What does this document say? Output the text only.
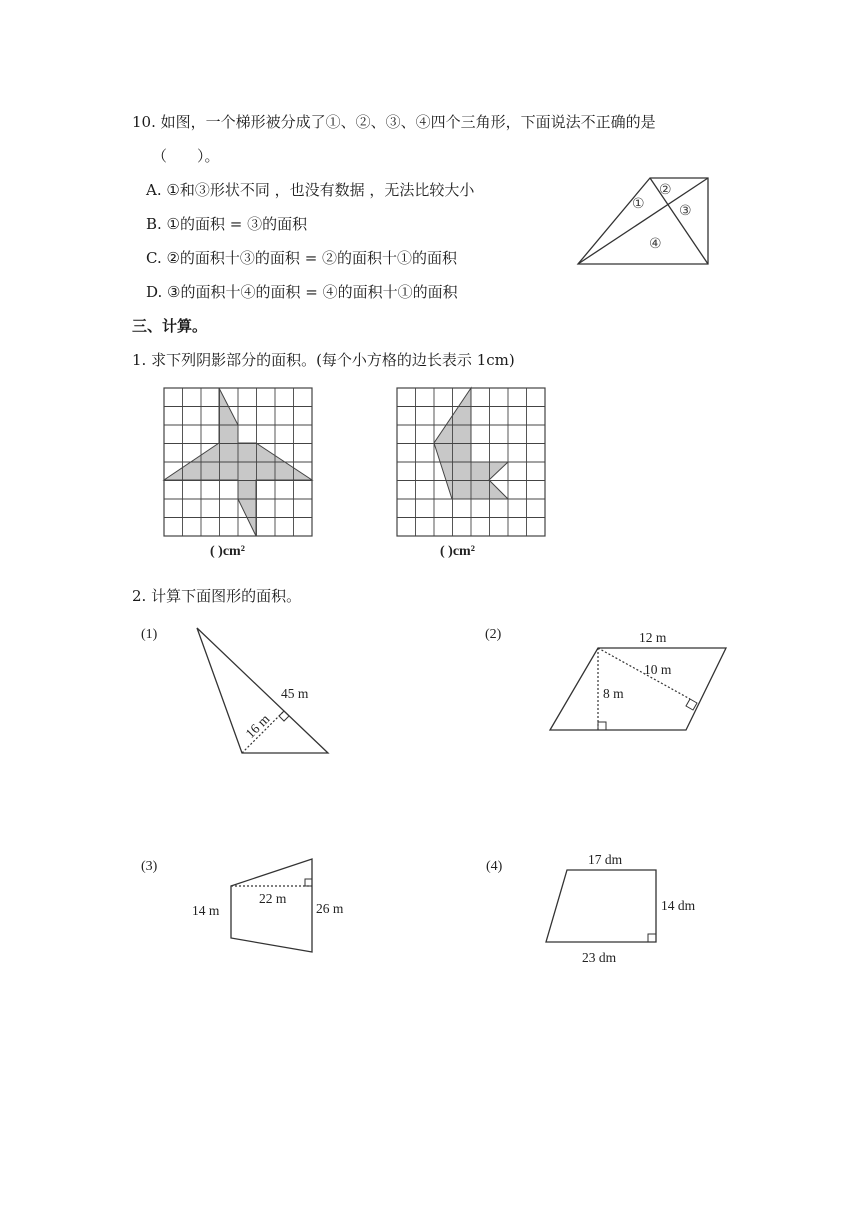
10. 如图，一个梯形被分成了①、②、③、④四个三角形，下面说法不正确的是
（　　）。
A. ①和③形状不同 ，也没有数据 ，无法比较大小
B. ①的面积 = ③的面积
C. ②的面积十③的面积 = ②的面积十①的面积
D. ③的面积十④的面积 = ④的面积十①的面积
①
②
③
④
三、计算。
1. 求下列阴影部分的面积。(每个小方格的边长表示 1cm)
( )cm²	( )cm²
2. 计算下面图形的面积。
(1)
45 m
16 m
(2)	12 m
10 m
8 m
(3)
14 m
22 m
26 m
(4)	17 dm
14 dm
23 dm
